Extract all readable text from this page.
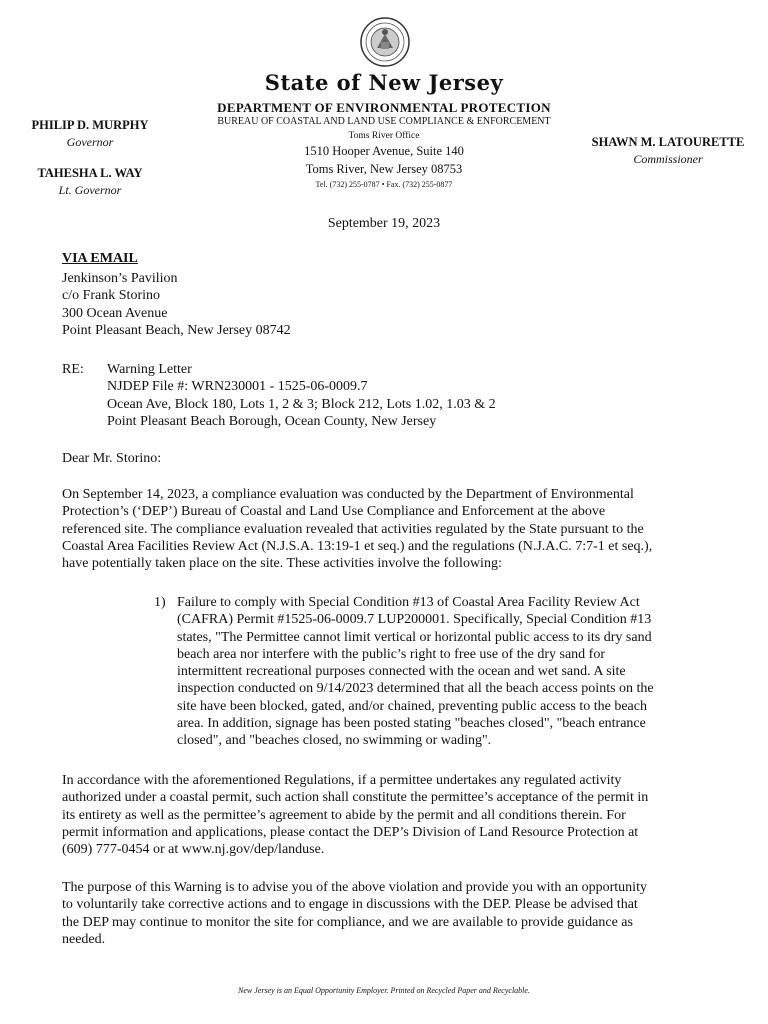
State of New Jersey
DEPARTMENT OF ENVIRONMENTAL PROTECTION
BUREAU OF COASTAL AND LAND USE COMPLIANCE & ENFORCEMENT
Toms River Office
1510 Hooper Avenue, Suite 140
Toms River, New Jersey 08753
Tel. (732) 255-0787 • Fax. (732) 255-0877
PHILIP D. MURPHY
Governor
TAHESHA L. WAY
Lt. Governor
SHAWN M. LATOURETTE
Commissioner
September 19, 2023
VIA EMAIL
Jenkinson’s Pavilion
c/o Frank Storino
300 Ocean Avenue
Point Pleasant Beach, New Jersey 08742
RE: Warning Letter
NJDEP File #: WRN230001 - 1525-06-0009.7
Ocean Ave, Block 180, Lots 1, 2 & 3; Block 212, Lots 1.02, 1.03 & 2
Point Pleasant Beach Borough, Ocean County, New Jersey
Dear Mr. Storino:
On September 14, 2023, a compliance evaluation was conducted by the Department of Environmental
Protection’s (‘DEP’) Bureau of Coastal and Land Use Compliance and Enforcement at the above
referenced site. The compliance evaluation revealed that activities regulated by the State pursuant to the
Coastal Area Facilities Review Act (N.J.S.A. 13:19-1 et seq.) and the regulations (N.J.A.C. 7:7-1 et seq.),
have potentially taken place on the site. These activities involve the following:
1) Failure to comply with Special Condition #13 of Coastal Area Facility Review Act
(CAFRA) Permit #1525-06-0009.7 LUP200001. Specifically, Special Condition #13
states, "The Permittee cannot limit vertical or horizontal public access to its dry sand
beach area nor interfere with the public’s right to free use of the dry sand for
intermittent recreational purposes connected with the ocean and wet sand. A site
inspection conducted on 9/14/2023 determined that all the beach access points on the
site have been blocked, gated, and/or chained, preventing public access to the beach
area. In addition, signage has been posted stating "beaches closed", "beach entrance
closed", and "beaches closed, no swimming or wading".
In accordance with the aforementioned Regulations, if a permittee undertakes any regulated activity
authorized under a coastal permit, such action shall constitute the permittee’s acceptance of the permit in
its entirety as well as the permittee’s agreement to abide by the permit and all conditions therein. For
permit information and applications, please contact the DEP’s Division of Land Resource Protection at
(609) 777-0454 or at www.nj.gov/dep/landuse.
The purpose of this Warning is to advise you of the above violation and provide you with an opportunity
to voluntarily take corrective actions and to engage in discussions with the DEP. Please be advised that
the DEP may continue to monitor the site for compliance, and we are available to provide guidance as
needed.
New Jersey is an Equal Opportunity Employer. Printed on Recycled Paper and Recyclable.
